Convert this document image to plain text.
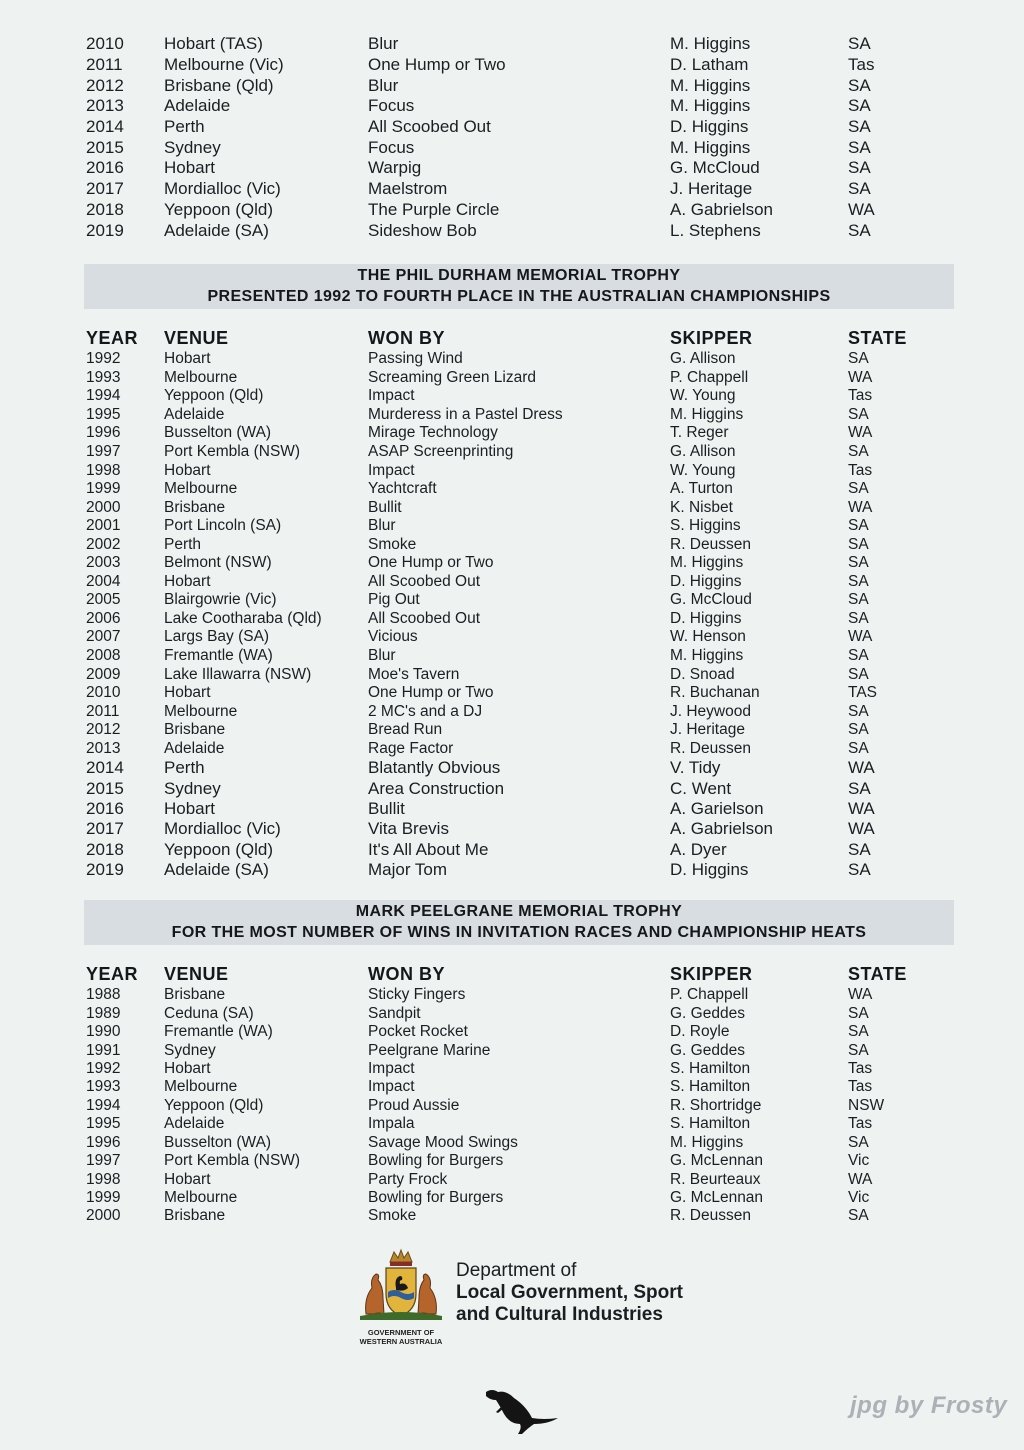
2010	Hobart (TAS)	Blur	M. Higgins	SA
2011	Melbourne (Vic)	One Hump or Two	D. Latham	Tas
2012	Brisbane (Qld)	Blur	M. Higgins	SA
2013	Adelaide	Focus	M. Higgins	SA
2014	Perth	All Scoobed Out	D. Higgins	SA
2015	Sydney	Focus	M. Higgins	SA
2016	Hobart	Warpig	G. McCloud	SA
2017	Mordialloc (Vic)	Maelstrom	J. Heritage	SA
2018	Yeppoon (Qld)	The Purple Circle	A. Gabrielson	WA
2019	Adelaide (SA)	Sideshow Bob	L. Stephens	SA
THE PHIL DURHAM MEMORIAL TROPHY
PRESENTED 1992 TO FOURTH PLACE IN THE AUSTRALIAN CHAMPIONSHIPS
YEAR	VENUE	WON BY	SKIPPER	STATE
1992	Hobart	Passing Wind	G. Allison	SA
1993	Melbourne	Screaming Green Lizard	P. Chappell	WA
1994	Yeppoon (Qld)	Impact	W. Young	Tas
1995	Adelaide	Murderess in a Pastel Dress	M. Higgins	SA
1996	Busselton (WA)	Mirage Technology	T. Reger	WA
1997	Port Kembla (NSW)	ASAP Screenprinting	G. Allison	SA
1998	Hobart	Impact	W. Young	Tas
1999	Melbourne	Yachtcraft	A. Turton	SA
2000	Brisbane	Bullit	K. Nisbet	WA
2001	Port Lincoln (SA)	Blur	S. Higgins	SA
2002	Perth	Smoke	R. Deussen	SA
2003	Belmont (NSW)	One Hump or Two	M. Higgins	SA
2004	Hobart	All Scoobed Out	D. Higgins	SA
2005	Blairgowrie (Vic)	Pig Out	G. McCloud	SA
2006	Lake Cootharaba (Qld)	All Scoobed Out	D. Higgins	SA
2007	Largs Bay (SA)	Vicious	W. Henson	WA
2008	Fremantle (WA)	Blur	M. Higgins	SA
2009	Lake Illawarra (NSW)	Moe's Tavern	D. Snoad	SA
2010	Hobart	One Hump or Two	R. Buchanan	TAS
2011	Melbourne	2 MC's and a DJ	J. Heywood	SA
2012	Brisbane	Bread Run	J. Heritage	SA
2013	Adelaide	Rage Factor	R. Deussen	SA
2014	Perth	Blatantly Obvious	V. Tidy	WA
2015	Sydney	Area Construction	C. Went	SA
2016	Hobart	Bullit	A. Garielson	WA
2017	Mordialloc (Vic)	Vita Brevis	A. Gabrielson	WA
2018	Yeppoon (Qld)	It's All About Me	A. Dyer	SA
2019	Adelaide (SA)	Major Tom	D. Higgins	SA
MARK PEELGRANE MEMORIAL TROPHY
FOR THE MOST NUMBER OF WINS IN INVITATION RACES AND CHAMPIONSHIP HEATS
YEAR	VENUE	WON BY	SKIPPER	STATE
1988	Brisbane	Sticky Fingers	P. Chappell	WA
1989	Ceduna (SA)	Sandpit	G. Geddes	SA
1990	Fremantle (WA)	Pocket Rocket	D. Royle	SA
1991	Sydney	Peelgrane Marine	G. Geddes	SA
1992	Hobart	Impact	S. Hamilton	Tas
1993	Melbourne	Impact	S. Hamilton	Tas
1994	Yeppoon (Qld)	Proud Aussie	R. Shortridge	NSW
1995	Adelaide	Impala	S. Hamilton	Tas
1996	Busselton (WA)	Savage Mood Swings	M. Higgins	SA
1997	Port Kembla (NSW)	Bowling for Burgers	G. McLennan	Vic
1998	Hobart	Party Frock	R. Beurteaux	WA
1999	Melbourne	Bowling for Burgers	G. McLennan	Vic
2000	Brisbane	Smoke	R. Deussen	SA
GOVERNMENT OF
WESTERN AUSTRALIA
Department of
Local Government, Sport
and Cultural Industries
jpg by Frosty
